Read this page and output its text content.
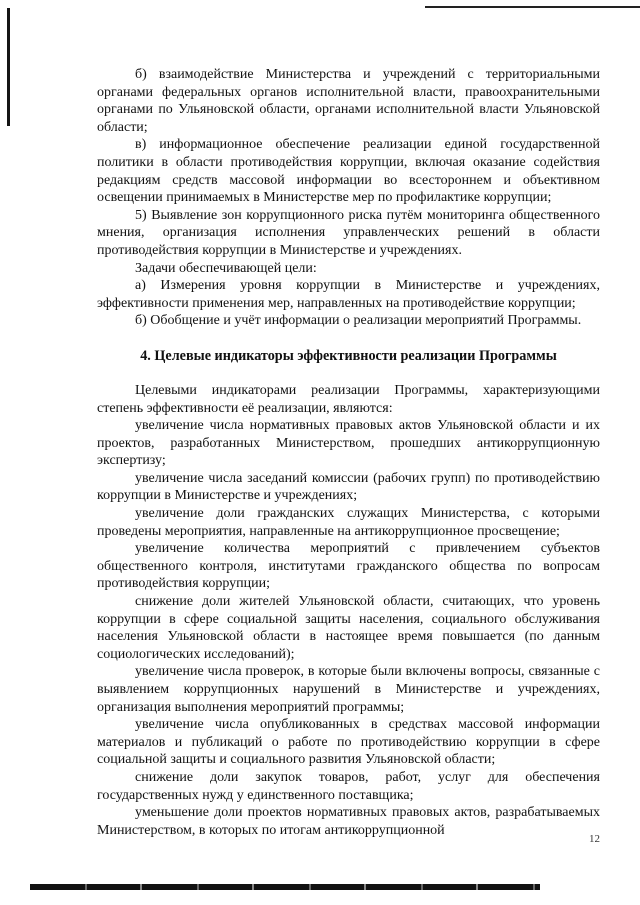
б) взаимодействие Министерства и учреждений с территориальными органами федеральных органов исполнительной власти, правоохранительными органами по Ульяновской области, органами исполнительной власти Ульяновской области;

в) информационное обеспечение реализации единой государственной политики в области противодействия коррупции, включая оказание содействия редакциям средств массовой информации во всестороннем и объективном освещении принимаемых в Министерстве мер по профилактике коррупции;

5) Выявление зон коррупционного риска путём мониторинга общественного мнения, организация исполнения управленческих решений в области противодействия коррупции в Министерстве и учреждениях.

Задачи обеспечивающей цели:

а) Измерения уровня коррупции в Министерстве и учреждениях, эффективности применения мер, направленных на противодействие коррупции;

б) Обобщение и учёт информации о реализации мероприятий Программы.

4. Целевые индикаторы эффективности реализации Программы

Целевыми индикаторами реализации Программы, характеризующими степень эффективности её реализации, являются:

увеличение числа нормативных правовых актов Ульяновской области и их проектов, разработанных Министерством, прошедших антикоррупционную экспертизу;

увеличение числа заседаний комиссии (рабочих групп) по противодействию коррупции в Министерстве и учреждениях;

увеличение доли гражданских служащих Министерства, с которыми проведены мероприятия, направленные на антикоррупционное просвещение;

увеличение количества мероприятий с привлечением субъектов общественного контроля, институтами гражданского общества по вопросам противодействия коррупции;

снижение доли жителей Ульяновской области, считающих, что уровень коррупции в сфере социальной защиты населения, социального обслуживания населения Ульяновской области в настоящее время повышается (по данным социологических исследований);

увеличение числа проверок, в которые были включены вопросы, связанные с выявлением коррупционных нарушений в Министерстве и учреждениях, организация выполнения мероприятий программы;

увеличение числа опубликованных в средствах массовой информации материалов и публикаций о работе по противодействию коррупции в сфере социальной защиты и социального развития Ульяновской области;

снижение доли закупок товаров, работ, услуг для обеспечения государственных нужд у единственного поставщика;

уменьшение доли проектов нормативных правовых актов, разрабатываемых Министерством, в которых по итогам антикоррупционной

12
